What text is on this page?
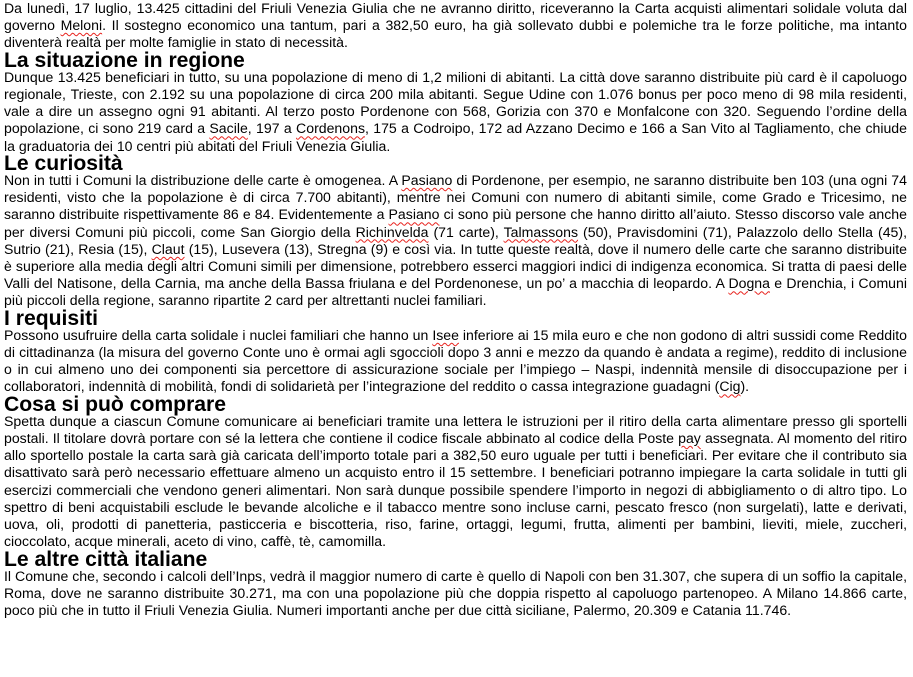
Da lunedì, 17 luglio, 13.425 cittadini del Friuli Venezia Giulia che ne avranno diritto, riceveranno la Carta acquisti alimentari solidale voluta dal governo Meloni. Il sostegno economico una tantum, pari a 382,50 euro, ha già sollevato dubbi e polemiche tra le forze politiche, ma intanto diventerà realtà per molte famiglie in stato di necessità.

La situazione in regione

Dunque 13.425 beneficiari in tutto, su una popolazione di meno di 1,2 milioni di abitanti. La città dove saranno distribuite più card è il capoluogo regionale, Trieste, con 2.192 su una popolazione di circa 200 mila abitanti. Segue Udine con 1.076 bonus per poco meno di 98 mila residenti, vale a dire un assegno ogni 91 abitanti. Al terzo posto Pordenone con 568, Gorizia con 370 e Monfalcone con 320. Seguendo l’ordine della popolazione, ci sono 219 card a Sacile, 197 a Cordenons, 175 a Codroipo, 172 ad Azzano Decimo e 166 a San Vito al Tagliamento, che chiude la graduatoria dei 10 centri più abitati del Friuli Venezia Giulia.

Le curiosità

Non in tutti i Comuni la distribuzione delle carte è omogenea. A Pasiano di Pordenone, per esempio, ne saranno distribuite ben 103 (una ogni 74 residenti, visto che la popolazione è di circa 7.700 abitanti), mentre nei Comuni con numero di abitanti simile, come Grado e Tricesimo, ne saranno distribuite rispettivamente 86 e 84. Evidentemente a Pasiano ci sono più persone che hanno diritto all’aiuto. Stesso discorso vale anche per diversi Comuni più piccoli, come San Giorgio della Richinvelda (71 carte), Talmassons (50), Pravisdomini (71), Palazzolo dello Stella (45), Sutrio (21), Resia (15), Claut (15), Lusevera (13), Stregna (9) e così via. In tutte queste realtà, dove il numero delle carte che saranno distribuite è superiore alla media degli altri Comuni simili per dimensione, potrebbero esserci maggiori indici di indigenza economica. Si tratta di paesi delle Valli del Natisone, della Carnia, ma anche della Bassa friulana e del Pordenonese, un po’ a macchia di leopardo. A Dogna e Drenchia, i Comuni più piccoli della regione, saranno ripartite 2 card per altrettanti nuclei familiari.

I requisiti

Possono usufruire della carta solidale i nuclei familiari che hanno un Isee inferiore ai 15 mila euro e che non godono di altri sussidi come Reddito di cittadinanza (la misura del governo Conte uno è ormai agli sgoccioli dopo 3 anni e mezzo da quando è andata a regime), reddito di inclusione o in cui almeno uno dei componenti sia percettore di assicurazione sociale per l’impiego – Naspi, indennità mensile di disoccupazione per i collaboratori, indennità di mobilità, fondi di solidarietà per l’integrazione del reddito o cassa integrazione guadagni (Cig).

Cosa si può comprare

Spetta dunque a ciascun Comune comunicare ai beneficiari tramite una lettera le istruzioni per il ritiro della carta alimentare presso gli sportelli postali. Il titolare dovrà portare con sé la lettera che contiene il codice fiscale abbinato al codice della Poste pay assegnata. Al momento del ritiro allo sportello postale la carta sarà già caricata dell’importo totale pari a 382,50 euro uguale per tutti i beneficiari. Per evitare che il contributo sia disattivato sarà però necessario effettuare almeno un acquisto entro il 15 settembre. I beneficiari potranno impiegare la carta solidale in tutti gli esercizi commerciali che vendono generi alimentari. Non sarà dunque possibile spendere l’importo in negozi di abbigliamento o di altro tipo. Lo spettro di beni acquistabili esclude le bevande alcoliche e il tabacco mentre sono incluse carni, pescato fresco (non surgelati), latte e derivati, uova, oli, prodotti di panetteria, pasticceria e biscotteria, riso, farine, ortaggi, legumi, frutta, alimenti per bambini, lieviti, miele, zuccheri, cioccolato, acque minerali, aceto di vino, caffè, tè, camomilla.

Le altre città italiane

Il Comune che, secondo i calcoli dell’Inps, vedrà il maggior numero di carte è quello di Napoli con ben 31.307, che supera di un soffio la capitale, Roma, dove ne saranno distribuite 30.271, ma con una popolazione più che doppia rispetto al capoluogo partenopeo. A Milano 14.866 carte, poco più che in tutto il Friuli Venezia Giulia. Numeri importanti anche per due città siciliane, Palermo, 20.309 e Catania 11.746.
